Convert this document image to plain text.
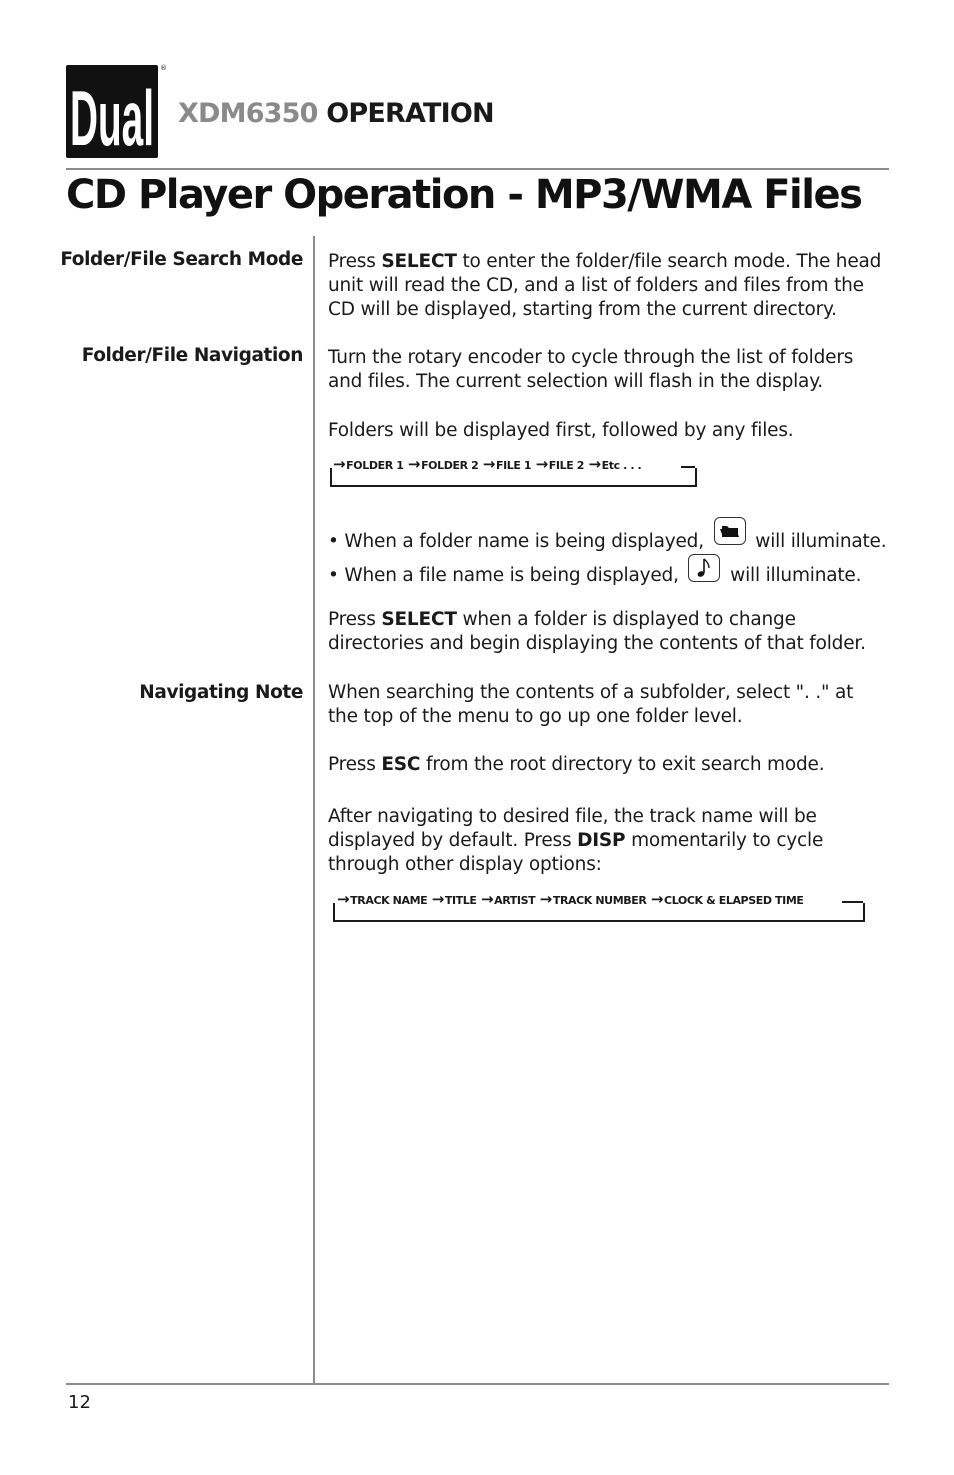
Dual
®
XDM6350 OPERATION
CD Player Operation - MP3/WMA Files
Folder/File Search Mode
Folder/File Navigation
Navigating Note
Press SELECT to enter the folder/file search mode. The head unit will read the CD, and a list of folders and files from the CD will be displayed, starting from the current directory.
Turn the rotary encoder to cycle through the list of folders and files. The current selection will flash in the display.
Folders will be displayed first, followed by any files.
→FOLDER 1 →FOLDER 2 →FILE 1 →FILE 2 →Etc . . .
• When a folder name is being displayed,	will illuminate.
• When a file name is being displayed,	will illuminate.
Press SELECT when a folder is displayed to change directories and begin displaying the contents of that folder.
When searching the contents of a subfolder, select ". ." at the top of the menu to go up one folder level.
Press ESC from the root directory to exit search mode.
After navigating to desired file, the track name will be displayed by default. Press DISP momentarily to cycle through other display options:
→TRACK NAME →TITLE →ARTIST →TRACK NUMBER →CLOCK & ELAPSED TIME
12
